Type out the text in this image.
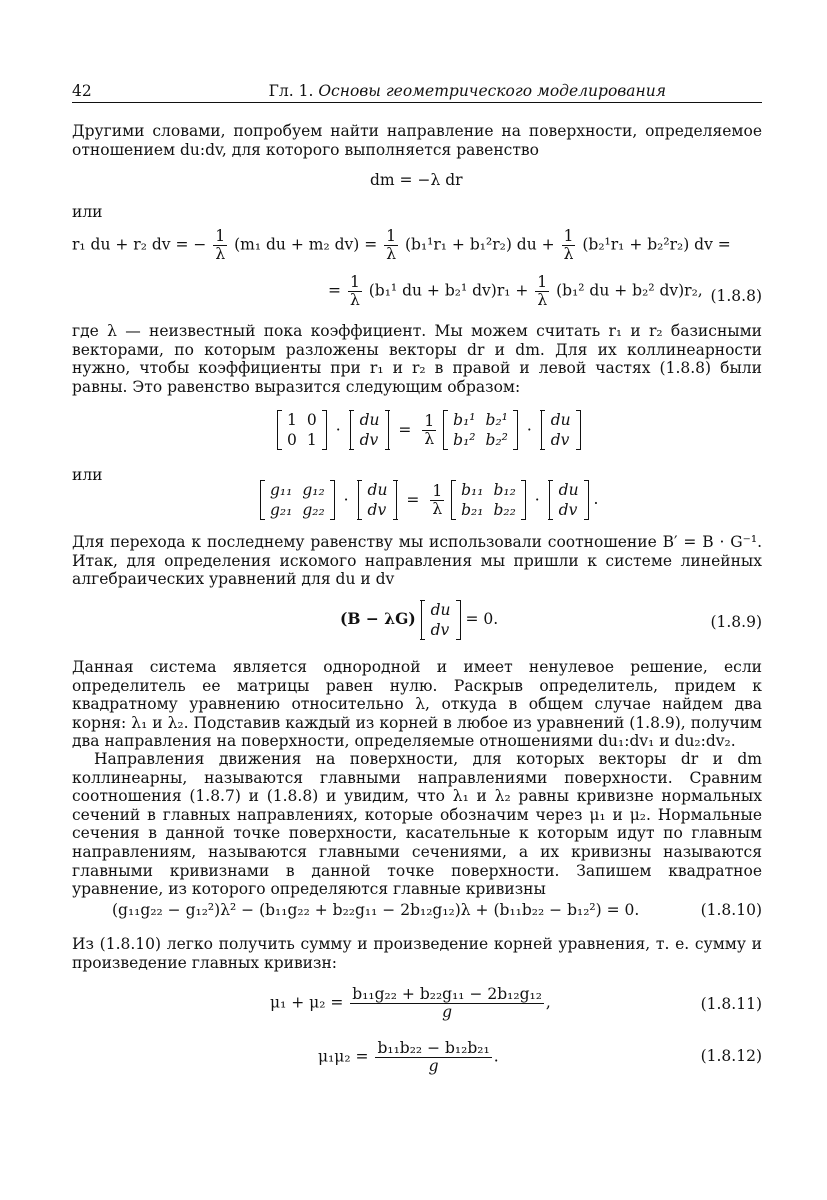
42	Гл. 1. Основы геометрического моделирования

Другими словами, попробуем найти направление на поверхности, определяемое отношением du:dv, для которого выполняется равенство

dm = −λ dr
или
r₁ du + r₂ dv = − $\frac{1}{\lambda} (m_1$ du + m₂ $dv) = \frac{1}{\lambda} (b_1^1r_1 + b_1^2r_2)$ du + $\frac{1}{\lambda} (b_2^1r_1 + b_2^2r_2)$ dv =
= $\frac{1}{\lambda} (b_1^1$ du + b₂¹ $dv)r_1 + \frac{1}{\lambda} (b_1^2$ du + b₂² dv)r₂, (1.8.8)

где λ — неизвестный пока коэффициент. Мы можем считать r₁ и r₂ базисными векторами, по которым разложены векторы dr и dm. Для их коллинеарности нужно, чтобы коэффициенты при r₁ и r₂ в правой и левой частях (1.8.8) были равны. Это равенство выразится следующим образом:

1	0
0	1
·
du
dv
= $\frac{1}{\lambda}$
b₁¹	b₂¹
b₁²	b₂²
·
du
dv
или
g₁₁	g₁₂
g₂₁	g₂₂
·
du
dv
= $\frac{1}{\lambda}$
b₁₁	b₁₂
b₂₁	b₂₂
·
du
dv
.

Для перехода к последнему равенству мы использовали соотношение B′ = B · G⁻¹. Итак, для определения искомого направления мы пришли к системе линейных алгебраических уравнений для du и dv

(B − λG) du
dv
= 0.	(1.8.9)

Данная система является однородной и имеет ненулевое решение, если определитель ее матрицы равен нулю. Раскрыв определитель, придем к квадратному уравнению относительно λ, откуда в общем случае найдем два корня: λ₁ и λ₂. Подставив каждый из корней в любое из уравнений (1.8.9), получим два направления на поверхности, определяемые отношениями du₁:dv₁ и du₂:dv₂.

Направления движения на поверхности, для которых векторы dr и dm коллинеарны, называются главными направлениями поверхности. Сравним соотношения (1.8.7) и (1.8.8) и увидим, что λ₁ и λ₂ равны кривизне нормальных сечений в главных направлениях, которые обозначим через μ₁ и μ₂. Нормальные сечения в данной точке поверхности, касательные к которым идут по главным направлениям, называются главными сечениями, а их кривизны называются главными кривизнами в данной точке поверхности. Запишем квадратное уравнение, из которого определяются главные кривизны

(g₁₁g₂₂ − g₁₂²)λ² − (b₁₁g₂₂ + b₂₂g₁₁ − 2b₁₂g₁₂)λ + (b₁₁b₂₂ − b₁₂²) = 0.	(1.8.10)

Из (1.8.10) легко получить сумму и произведение корней уравнения, т. е. сумму и произведение главных кривизн:

$\mu_1 + \mu_2 = \frac{\text{b₁₁g₂₂ + b₂₂g₁₁ − 2b₁₂g₁₂}}{g}$ ,	(1.8.11)
$\mu_1\mu_2 = \frac{\text{b₁₁b₂₂ − b₁₂b₂₁}}{g}$ .	(1.8.12)
